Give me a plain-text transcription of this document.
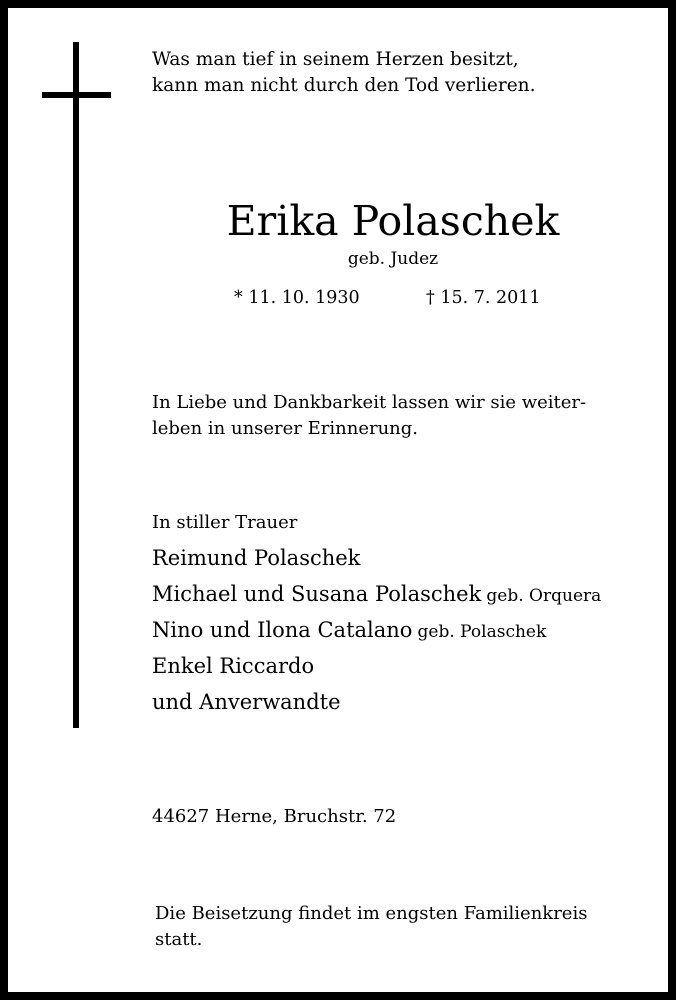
Was man tief in seinem Herzen besitzt,
kann man nicht durch den Tod verlieren.
Erika Polaschek
geb. Judez
* 11. 10. 1930	† 15. 7. 2011
In Liebe und Dankbarkeit lassen wir sie weiter-
leben in unserer Erinnerung.
In stiller Trauer
Reimund Polaschek
Michael und Susana Polaschek geb. Orquera
Nino und Ilona Catalano geb. Polaschek
Enkel Riccardo
und Anverwandte
44627 Herne, Bruchstr. 72
Die Beisetzung findet im engsten Familienkreis
statt.
